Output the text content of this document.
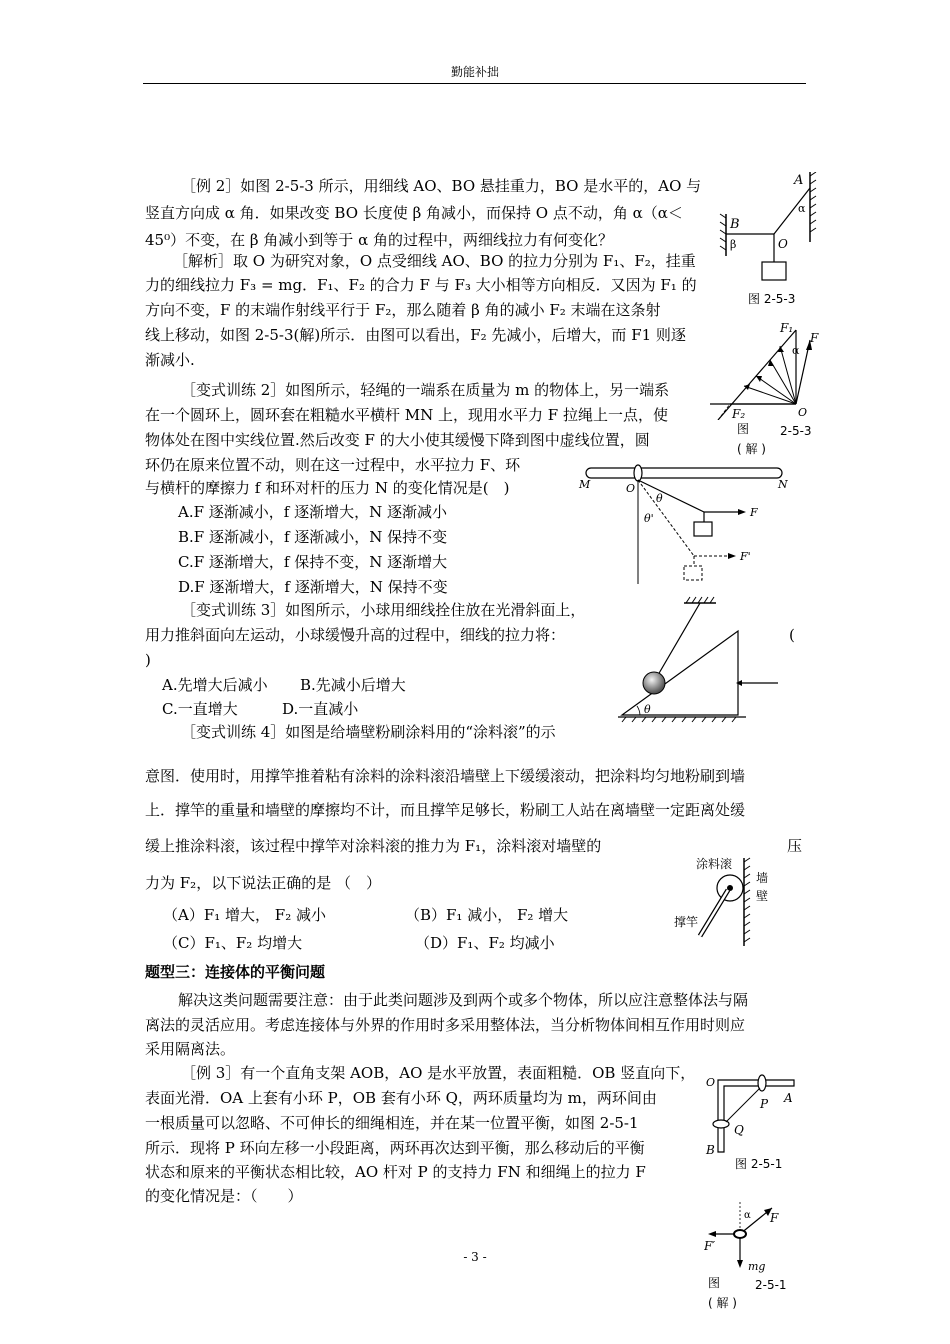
勤能补拙
［例 2］如图 2-5-3 所示，用细线 AO、BO 悬挂重力，BO 是水平的，AO 与
竖直方向成 α 角．如果改变 BO 长度使 β 角减小，而保持 O 点不动，角 α（α＜
45⁰）不变，在 β 角减小到等于 α 角的过程中，两细线拉力有何变化？
［解析］取 O 为研究对象，O 点受细线 AO、BO 的拉力分别为 F₁、F₂，挂重
力的细线拉力 F₃ = mg．F₁、F₂ 的合力 F 与 F₃ 大小相等方向相反．又因为 F₁ 的
方向不变，F 的末端作射线平行于 F₂，那么随着 β 角的减小 F₂ 末端在这条射
线上移动，如图 2-5-3(解)所示．由图可以看出，F₂ 先减小，后增大，而 F1 则逐
渐减小.
A
B
O
α
β
图 2-5-3
F₁
F
α
F₂	O
图	2-5-3
( 解 )
［变式训练 2］如图所示，轻绳的一端系在质量为 m 的物体上，另一端系
在一个圆环上，圆环套在粗糙水平横杆 MN 上，现用水平力 F 拉绳上一点，使
物体处在图中实线位置.然后改变 F 的大小使其缓慢下降到图中虚线位置，圆
环仍在原来位置不动，则在这一过程中，水平拉力 F、环
与横杆的摩擦力 f 和环对杆的压力 N 的变化情况是(　)
A.F 逐渐减小，f 逐渐增大，N 逐渐减小
B.F 逐渐减小，f 逐渐减小，N 保持不变
C.F 逐渐增大，f 保持不变，N 逐渐增大
D.F 逐渐增大，f 逐渐增大，N 保持不变
M	O	N
θ
θ'	F
F'
［变式训练 3］如图所示，小球用细线拴住放在光滑斜面上，
用力推斜面向左运动，小球缓慢升高的过程中，细线的拉力将：	(
)
A.先增大后减小 B.先减小后增大
C.一直增大	D.一直减小	θ
［变式训练 4］如图是给墙壁粉刷涂料用的“涂料滚”的示
意图．使用时，用撑竿推着粘有涂料的涂料滚沿墙壁上下缓缓滚动，把涂料均匀地粉刷到墙
上．撑竿的重量和墙壁的摩擦均不计，而且撑竿足够长，粉刷工人站在离墙壁一定距离处缓
缓上推涂料滚，该过程中撑竿对涂料滚的推力为 F₁，涂料滚对墙壁的	压
力为 F₂，以下说法正确的是 （　）
（A）F₁ 增大， F₂ 减小	（B）F₁ 减小， F₂ 增大
（C）F₁、F₂ 均增大	（D）F₁、F₂ 均减小
涂料滚
撑竿
墙
壁
题型三：连接体的平衡问题
解决这类问题需要注意：由于此类问题涉及到两个或多个物体，所以应注意整体法与隔
离法的灵活应用。考虑连接体与外界的作用时多采用整体法，当分析物体间相互作用时则应
采用隔离法。
［例 3］有一个直角支架 AOB，AO 是水平放置，表面粗糙．OB 竖直向下，
表面光滑．OA 上套有小环 P，OB 套有小环 Q，两环质量均为 m，两环间由
一根质量可以忽略、不可伸长的细绳相连，并在某一位置平衡，如图 2-5-1
所示．现将 P 环向左移一小段距离，两环再次达到平衡，那么移动后的平衡
状态和原来的平衡状态相比较，AO 杆对 P 的支持力 FN 和细绳上的拉力 F
的变化情况是：（　　）
O
P A
Q
B
图 2-5-1
α F
F′
mg
图	2-5-1
( 解 )
- 3 -
